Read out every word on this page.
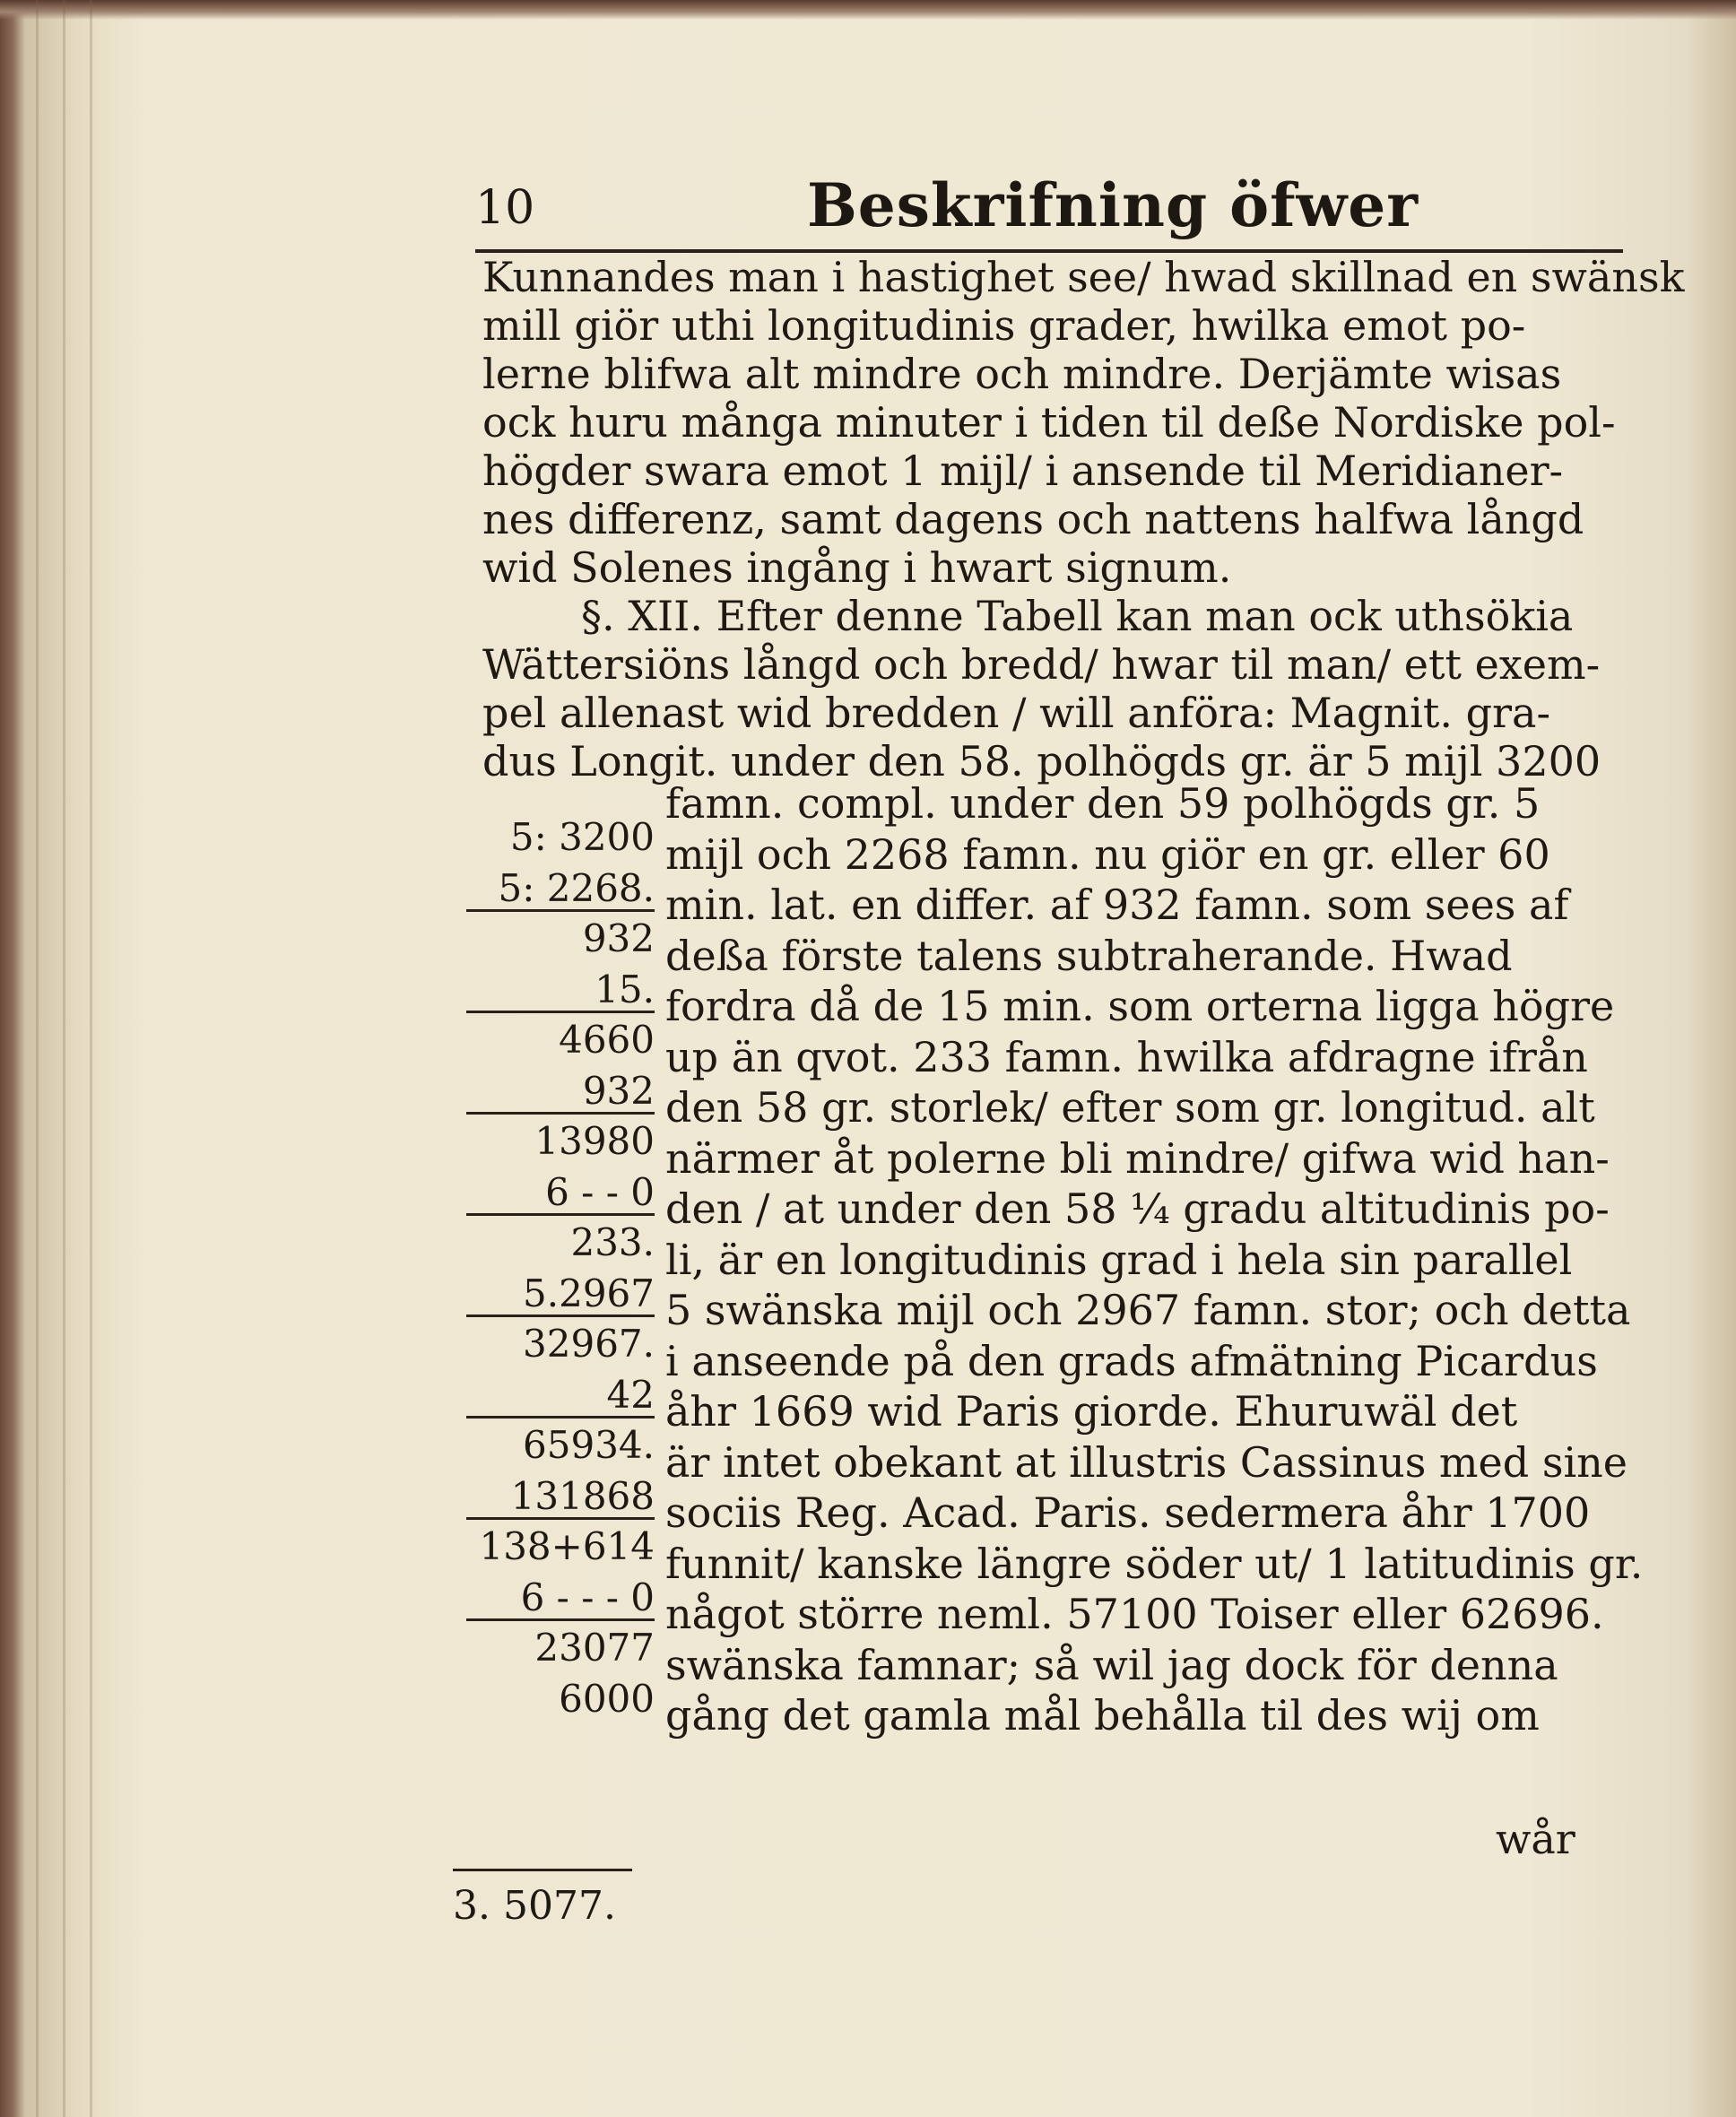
10	Beskrifning öfwer
Kunnandes man i hastighet see/ hwad skillnad en swänsk
mill giör uthi longitudinis grader, hwilka emot po-
lerne blifwa alt mindre och mindre. Derjämte wisas
ock huru många minuter i tiden til deße Nordiske pol-
högder swara emot 1 mijl/ i ansende til Meridianer-
nes differenz, samt dagens och nattens halfwa långd
wid Solenes ingång i hwart signum.
§. XII. Efter denne Tabell kan man ock uthsökia
Wättersiöns långd och bredd/ hwar til man/ ett exem-
pel allenast wid bredden / will anföra: Magnit. gra-
dus Longit. under den 58. polhögds gr. är 5 mijl 3200
5: 3200
5: 2268.
932
15.
4660
932
13980
6 - - 0
233.
5.2967
32967.
42
65934.
131868
138+614
6 - - - 0
23077
6000
famn. compl. under den 59 polhögds gr. 5
mijl och 2268 famn. nu giör en gr. eller 60
min. lat. en differ. af 932 famn. som sees af
deßa förste talens subtraherande. Hwad
fordra då de 15 min. som orterna ligga högre
up än qvot. 233 famn. hwilka afdragne ifrån
den 58 gr. storlek/ efter som gr. longitud. alt
närmer åt polerne bli mindre/ gifwa wid han-
den / at under den 58 ¼ gradu altitudinis po-
li, är en longitudinis grad i hela sin parallel
5 swänska mijl och 2967 famn. stor; och detta
i anseende på den grads afmätning Picardus
åhr 1669 wid Paris giorde. Ehuruwäl det
är intet obekant at illustris Cassinus med sine
sociis Reg. Acad. Paris. sedermera åhr 1700
funnit/ kanske längre söder ut/ 1 latitudinis gr.
något större neml. 57100 Toiser eller 62696.
swänska famnar; så wil jag dock för denna
gång det gamla mål behålla til des wij om
wår
3. 5077.
